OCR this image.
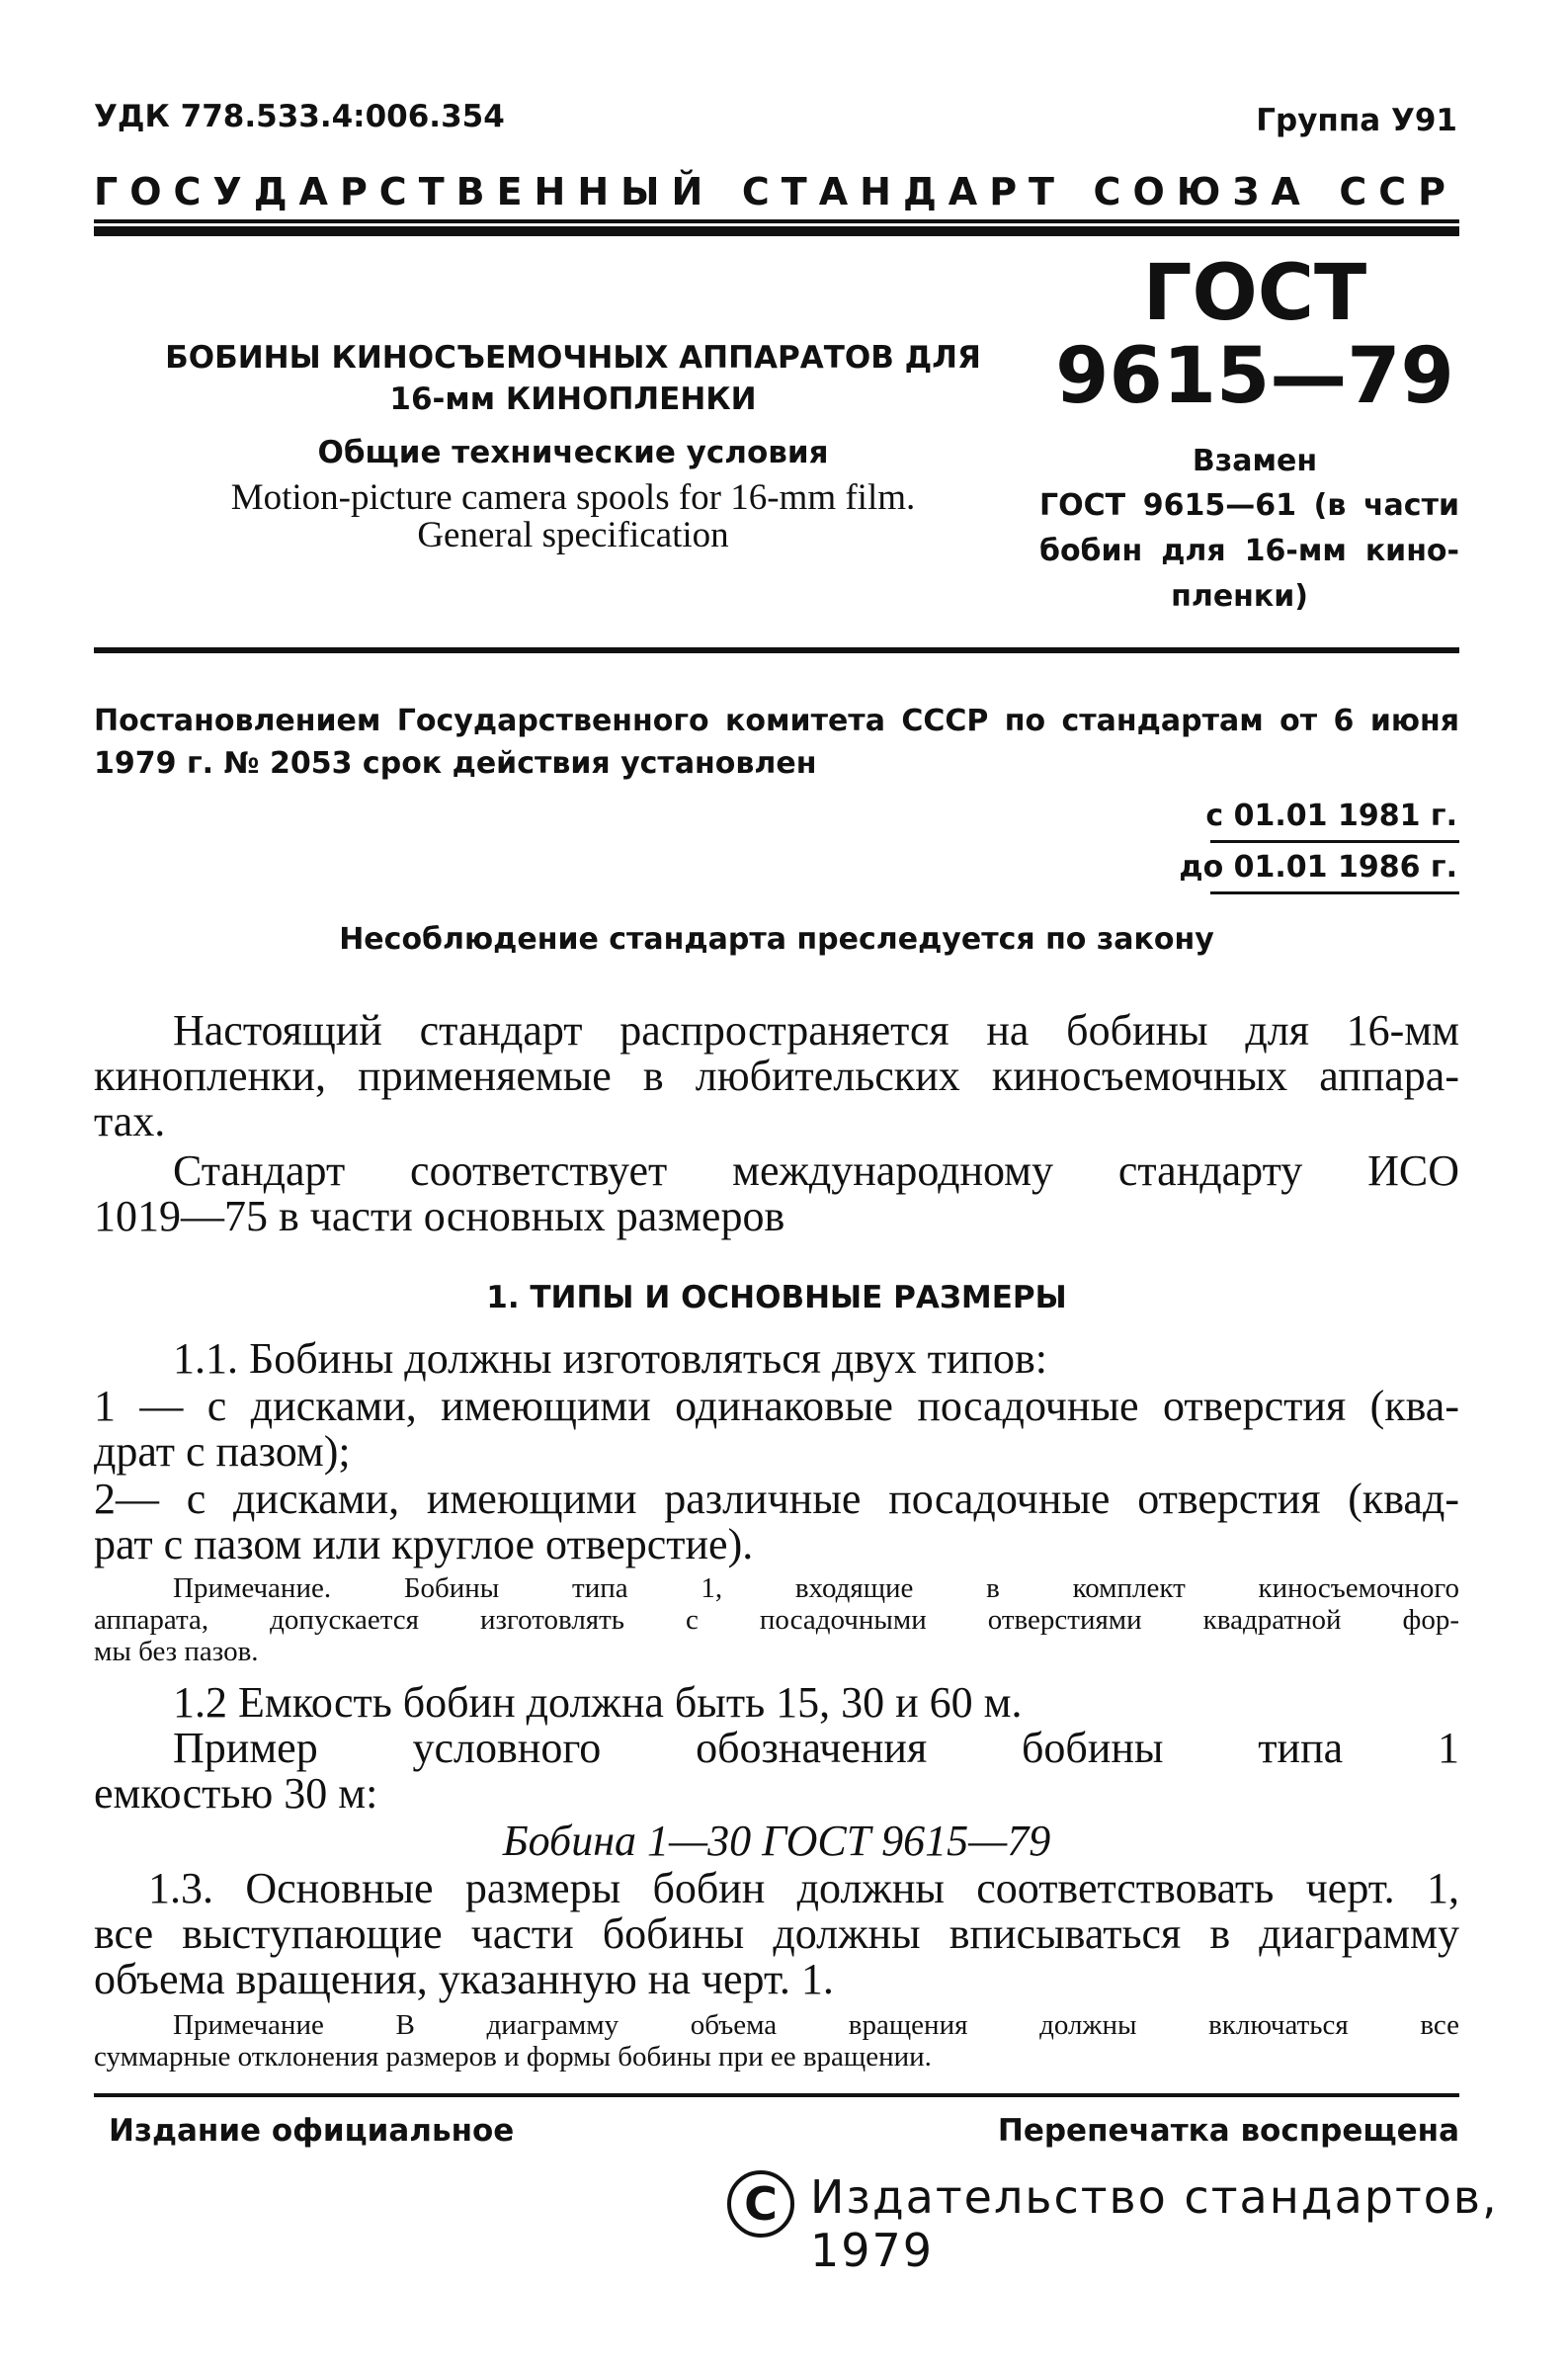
УДК 778.533.4:006.354	Группа У91
ГОСУДАРСТВЕННЫЙ СТАНДАРТ СОЮЗА ССР
БОБИНЫ КИНОСЪЕМОЧНЫХ АППАРАТОВ ДЛЯ
16-мм КИНОПЛЕНКИ
Общие технические условия
Motion-picture camera spools for 16-mm film.
General specification
ГОСТ
9615—79
Взамен
ГОСТ 9615—61 (в части
бобин для 16-мм кино-
пленки)
Постановлением Государственного комитета СССР по стандартам от 6 июня
1979 г. № 2053 срок действия установлен
с 01.01 1981 г.
до 01.01 1986 г.
Несоблюдение стандарта преследуется по закону
Настоящий стандарт распространяется на бобины для 16-мм
кинопленки, применяемые в любительских киносъемочных аппара-
тах.
Стандарт соответствует международному стандарту ИСО
1019—75 в части основных размеров
1. ТИПЫ И ОСНОВНЫЕ РАЗМЕРЫ
1.1. Бобины должны изготовляться двух типов:
1 — с дисками, имеющими одинаковые посадочные отверстия (ква-
драт с пазом);
2— с дисками, имеющими различные посадочные отверстия (квад-
рат с пазом или круглое отверстие).
Примечание. Бобины типа 1, входящие в комплект киносъемочного
аппарата, допускается изготовлять с посадочными отверстиями квадратной фор-
мы без пазов.
1.2 Емкость бобин должна быть 15, 30 и 60 м.
Пример условного обозначения бобины типа 1
емкостью 30 м:
Бобина 1—30 ГОСТ 9615—79
1.3. Основные размеры бобин должны соответствовать черт. 1,
все выступающие части бобины должны вписываться в диаграмму
объема вращения, указанную на черт. 1.
Примечание В диаграмму объема вращения должны включаться все
суммарные отклонения размеров и формы бобины при ее вращении.
Издание официальное	Перепечатка воспрещена
C Издательство стандартов, 1979
